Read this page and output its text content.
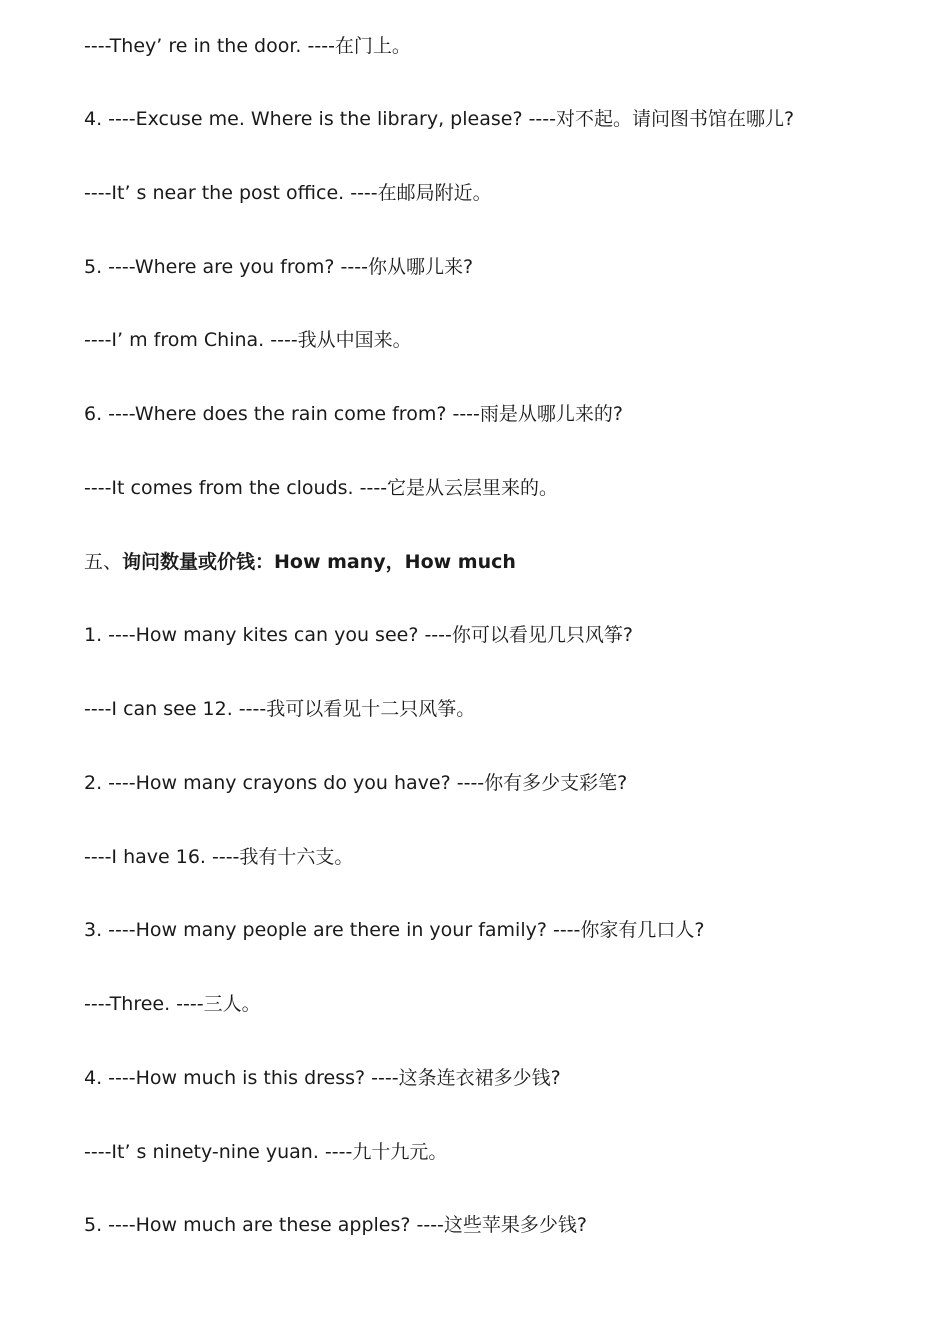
----They’ re in the door. ----在门上。

4. ----Excuse me. Where is the library, please? ----对不起。请问图书馆在哪儿?

----It’ s near the post office. ----在邮局附近。

5. ----Where are you from? ----你从哪儿来?

----I’ m from China. ----我从中国来。

6. ----Where does the rain come from? ----雨是从哪儿来的?

----It comes from the clouds. ----它是从云层里来的。

五、询问数量或价钱：How many，How much

1. ----How many kites can you see? ----你可以看见几只风筝?

----I can see 12. ----我可以看见十二只风筝。

2. ----How many crayons do you have? ----你有多少支彩笔?

----I have 16. ----我有十六支。

3. ----How many people are there in your family? ----你家有几口人?

----Three. ----三人。

4. ----How much is this dress? ----这条连衣裙多少钱?

----It’ s ninety-nine yuan. ----九十九元。

5. ----How much are these apples? ----这些苹果多少钱?
